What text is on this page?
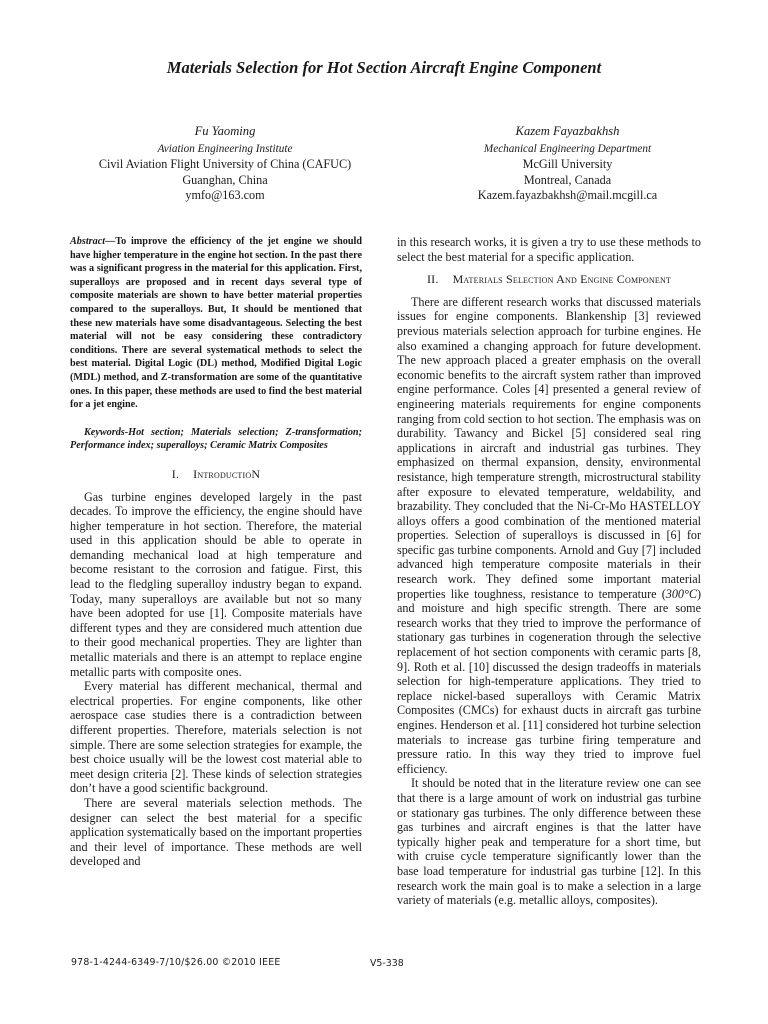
Materials Selection for Hot Section Aircraft Engine Component
Fu Yaoming
Aviation Engineering Institute
Civil Aviation Flight University of China (CAFUC)
Guanghan, China
ymfo@163.com
Kazem Fayazbakhsh
Mechanical Engineering Department
McGill University
Montreal, Canada
Kazem.fayazbakhsh@mail.mcgill.ca

Abstract—To improve the efficiency of the jet engine we should have higher temperature in the engine hot section. In the past there was a significant progress in the material for this application. First, superalloys are proposed and in recent days several type of composite materials are shown to have better material properties compared to the superalloys. But, It should be mentioned that these new materials have some disadvantageous. Selecting the best material will not be easy considering these contradictory conditions. There are several systematical methods to select the best material. Digital Logic (DL) method, Modified Digital Logic (MDL) method, and Z-transformation are some of the quantitative ones. In this paper, these methods are used to find the best material for a jet engine.

Keywords-Hot section; Materials selection; Z-transformation; Performance index; superalloys; Ceramic Matrix Composites

I. IntroductioN

Gas turbine engines developed largely in the past decades. To improve the efficiency, the engine should have higher temperature in hot section. Therefore, the material used in this application should be able to operate in demanding mechanical load at high temperature and become resistant to the corrosion and fatigue. First, this lead to the fledgling superalloy industry began to expand. Today, many superalloys are available but not so many have been adopted for use [1]. Composite materials have different types and they are considered much attention due to their good mechanical properties. They are lighter than metallic materials and there is an attempt to replace engine metallic parts with composite ones.

Every material has different mechanical, thermal and electrical properties. For engine components, like other aerospace case studies there is a contradiction between different properties. Therefore, materials selection is not simple. There are some selection strategies for example, the best choice usually will be the lowest cost material able to meet design criteria [2]. These kinds of selection strategies don’t have a good scientific background.

There are several materials selection methods. The designer can select the best material for a specific application systematically based on the important properties and their level of importance. These methods are well developed and

in this research works, it is given a try to use these methods to select the best material for a specific application.

II. Materials Selection And Engine Component

There are different research works that discussed materials issues for engine components. Blankenship [3] reviewed previous materials selection approach for turbine engines. He also examined a changing approach for future development. The new approach placed a greater emphasis on the overall economic benefits to the aircraft system rather than improved engine performance. Coles [4] presented a general review of engineering materials requirements for engine components ranging from cold section to hot section. The emphasis was on durability. Tawancy and Bickel [5] considered seal ring applications in aircraft and industrial gas turbines. They emphasized on thermal expansion, density, environmental resistance, high temperature strength, microstructural stability after exposure to elevated temperature, weldability, and brazability. They concluded that the Ni-Cr-Mo HASTELLOY alloys offers a good combination of the mentioned material properties. Selection of superalloys is discussed in [6] for specific gas turbine components. Arnold and Guy [7] included advanced high temperature composite materials in their research work. They defined some important material properties like toughness, resistance to temperature (300°C) and moisture and high specific strength. There are some research works that they tried to improve the performance of stationary gas turbines in cogeneration through the selective replacement of hot section components with ceramic parts [8, 9]. Roth et al. [10] discussed the design tradeoffs in materials selection for high-temperature applications. They tried to replace nickel-based superalloys with Ceramic Matrix Composites (CMCs) for exhaust ducts in aircraft gas turbine engines. Henderson et al. [11] considered hot turbine selection materials to increase gas turbine firing temperature and pressure ratio. In this way they tried to improve fuel efficiency.

It should be noted that in the literature review one can see that there is a large amount of work on industrial gas turbine or stationary gas turbines. The only difference between these gas turbines and aircraft engines is that the latter have typically higher peak and temperature for a short time, but with cruise cycle temperature significantly lower than the base load temperature for industrial gas turbine [12]. In this research work the main goal is to make a selection in a large variety of materials (e.g. metallic alloys, composites).

978-1-4244-6349-7/10/$26.00 ©2010 IEEE	V5-338
